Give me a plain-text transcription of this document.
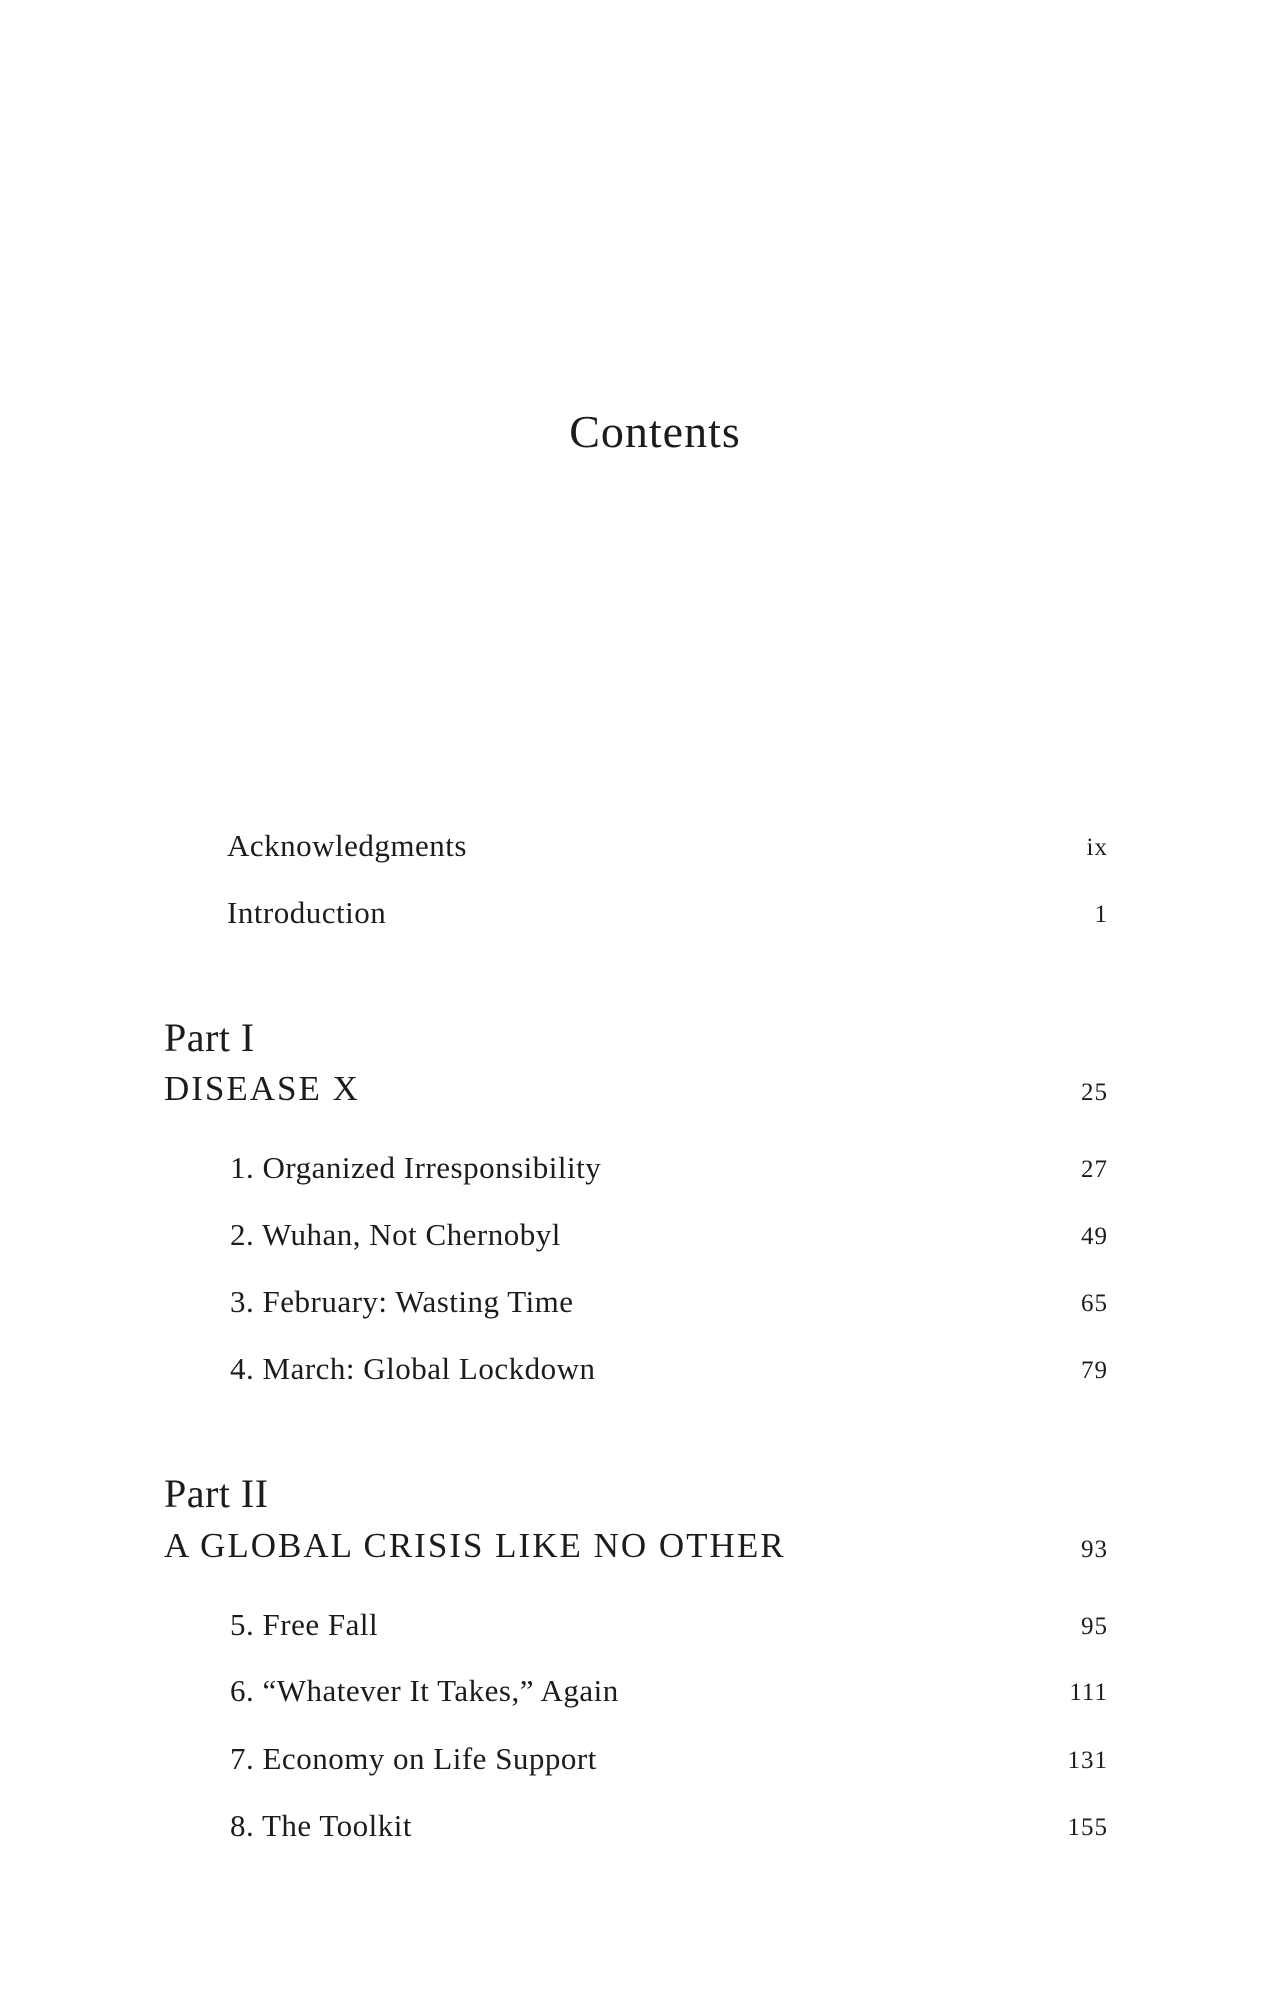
Contents
Acknowledgments	ix
Introduction	1
Part I
DISEASE X	25
1. Organized Irresponsibility	27
2. Wuhan, Not Chernobyl	49
3. February: Wasting Time	65
4. March: Global Lockdown	79
Part II
A GLOBAL CRISIS LIKE NO OTHER	93
5. Free Fall	95
6. “Whatever It Takes,” Again	111
7. Economy on Life Support	131
8. The Toolkit	155
